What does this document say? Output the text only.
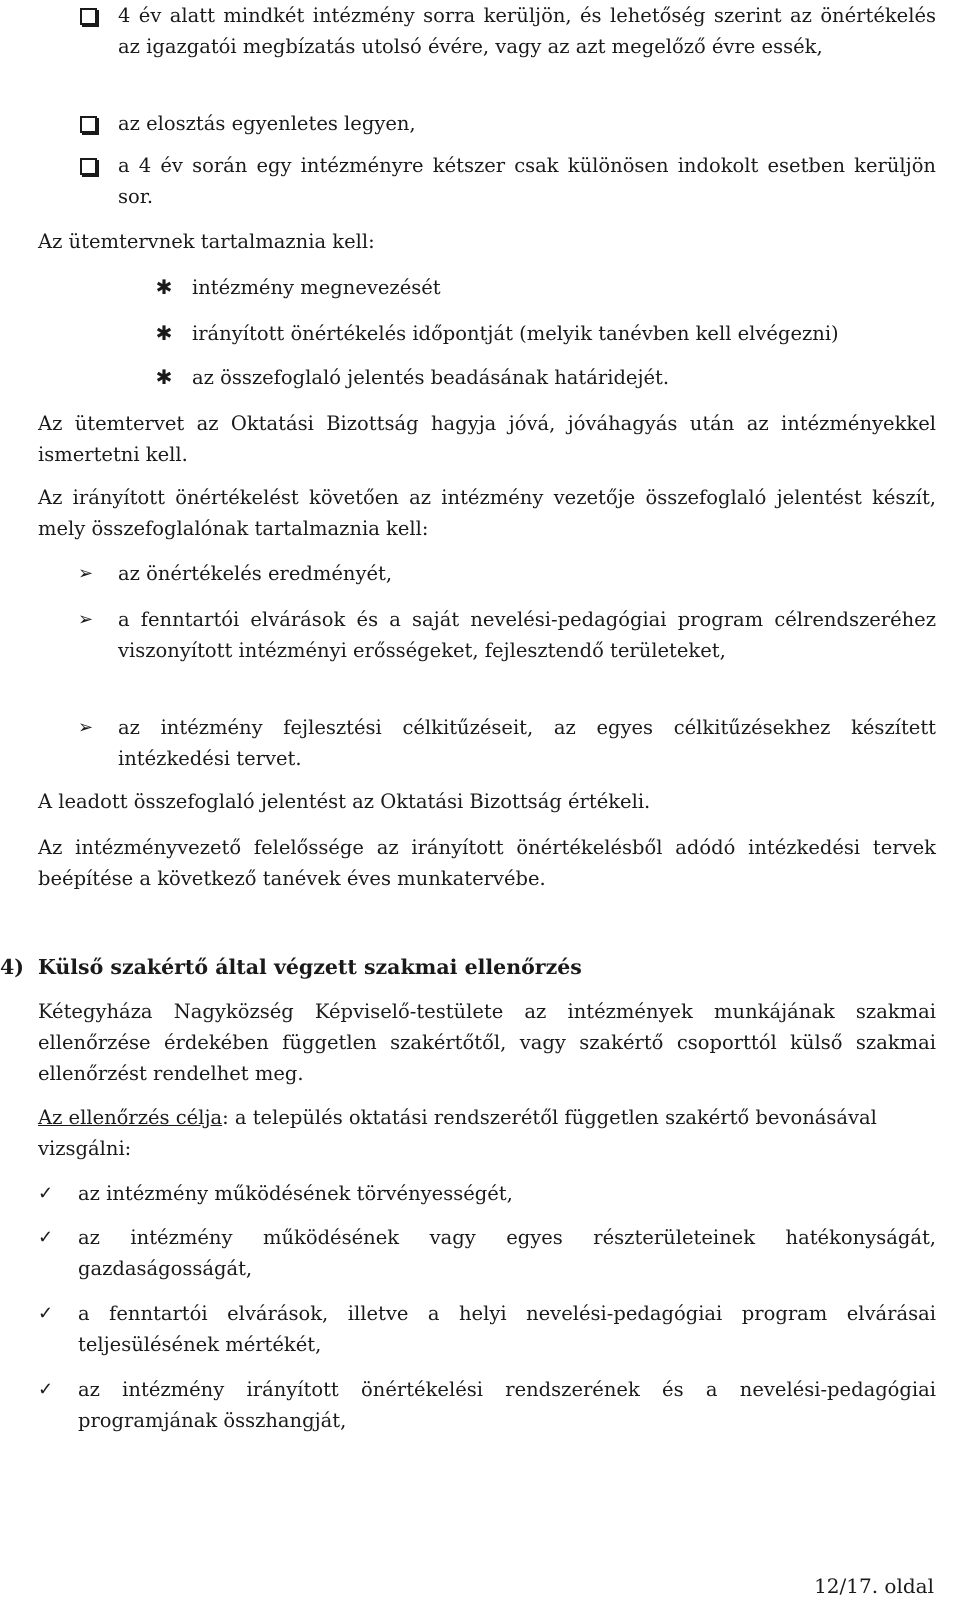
4 év alatt mindkét intézmény sorra kerüljön, és lehetőség szerint az önértékelés az igazgatói megbízatás utolsó évére, vagy az azt megelőző évre essék,
az elosztás egyenletes legyen,
a 4 év során egy intézményre kétszer csak különösen indokolt esetben kerüljön sor.
Az ütemtervnek tartalmaznia kell:
✱ intézmény megnevezését
✱ irányított önértékelés időpontját (melyik tanévben kell elvégezni)
✱ az összefoglaló jelentés beadásának határidejét.
Az ütemtervet az Oktatási Bizottság hagyja jóvá, jóváhagyás után az intézményekkel ismertetni kell.
Az irányított önértékelést követően az intézmény vezetője összefoglaló jelentést készít, mely összefoglalónak tartalmaznia kell:
➢	az önértékelés eredményét,
➢	a fenntartói elvárások és a saját nevelési-pedagógiai program célrendszeréhez viszonyított intézményi erősségeket, fejlesztendő területeket,
➢	az intézmény fejlesztési célkitűzéseit, az egyes célkitűzésekhez készített intézkedési tervet.
A leadott összefoglaló jelentést az Oktatási Bizottság értékeli.
Az intézményvezető felelőssége az irányított önértékelésből adódó intézkedési tervek beépítése a következő tanévek éves munkatervébe.
4) Külső szakértő által végzett szakmai ellenőrzés
Kétegyháza Nagyközség Képviselő-testülete az intézmények munkájának szakmai ellenőrzése érdekében független szakértőtől, vagy szakértő csoporttól külső szakmai ellenőrzést rendelhet meg.
Az ellenőrzés célja: a település oktatási rendszerétől független szakértő bevonásával vizsgálni:
✓	az intézmény működésének törvényességét,
✓	az intézmény működésének vagy egyes részterületeinek hatékonyságát, gazdaságosságát,
✓	a fenntartói elvárások, illetve a helyi nevelési-pedagógiai program elvárásai teljesülésének mértékét,
✓	az intézmény irányított önértékelési rendszerének és a nevelési-pedagógiai programjának összhangját,
12/17. oldal
